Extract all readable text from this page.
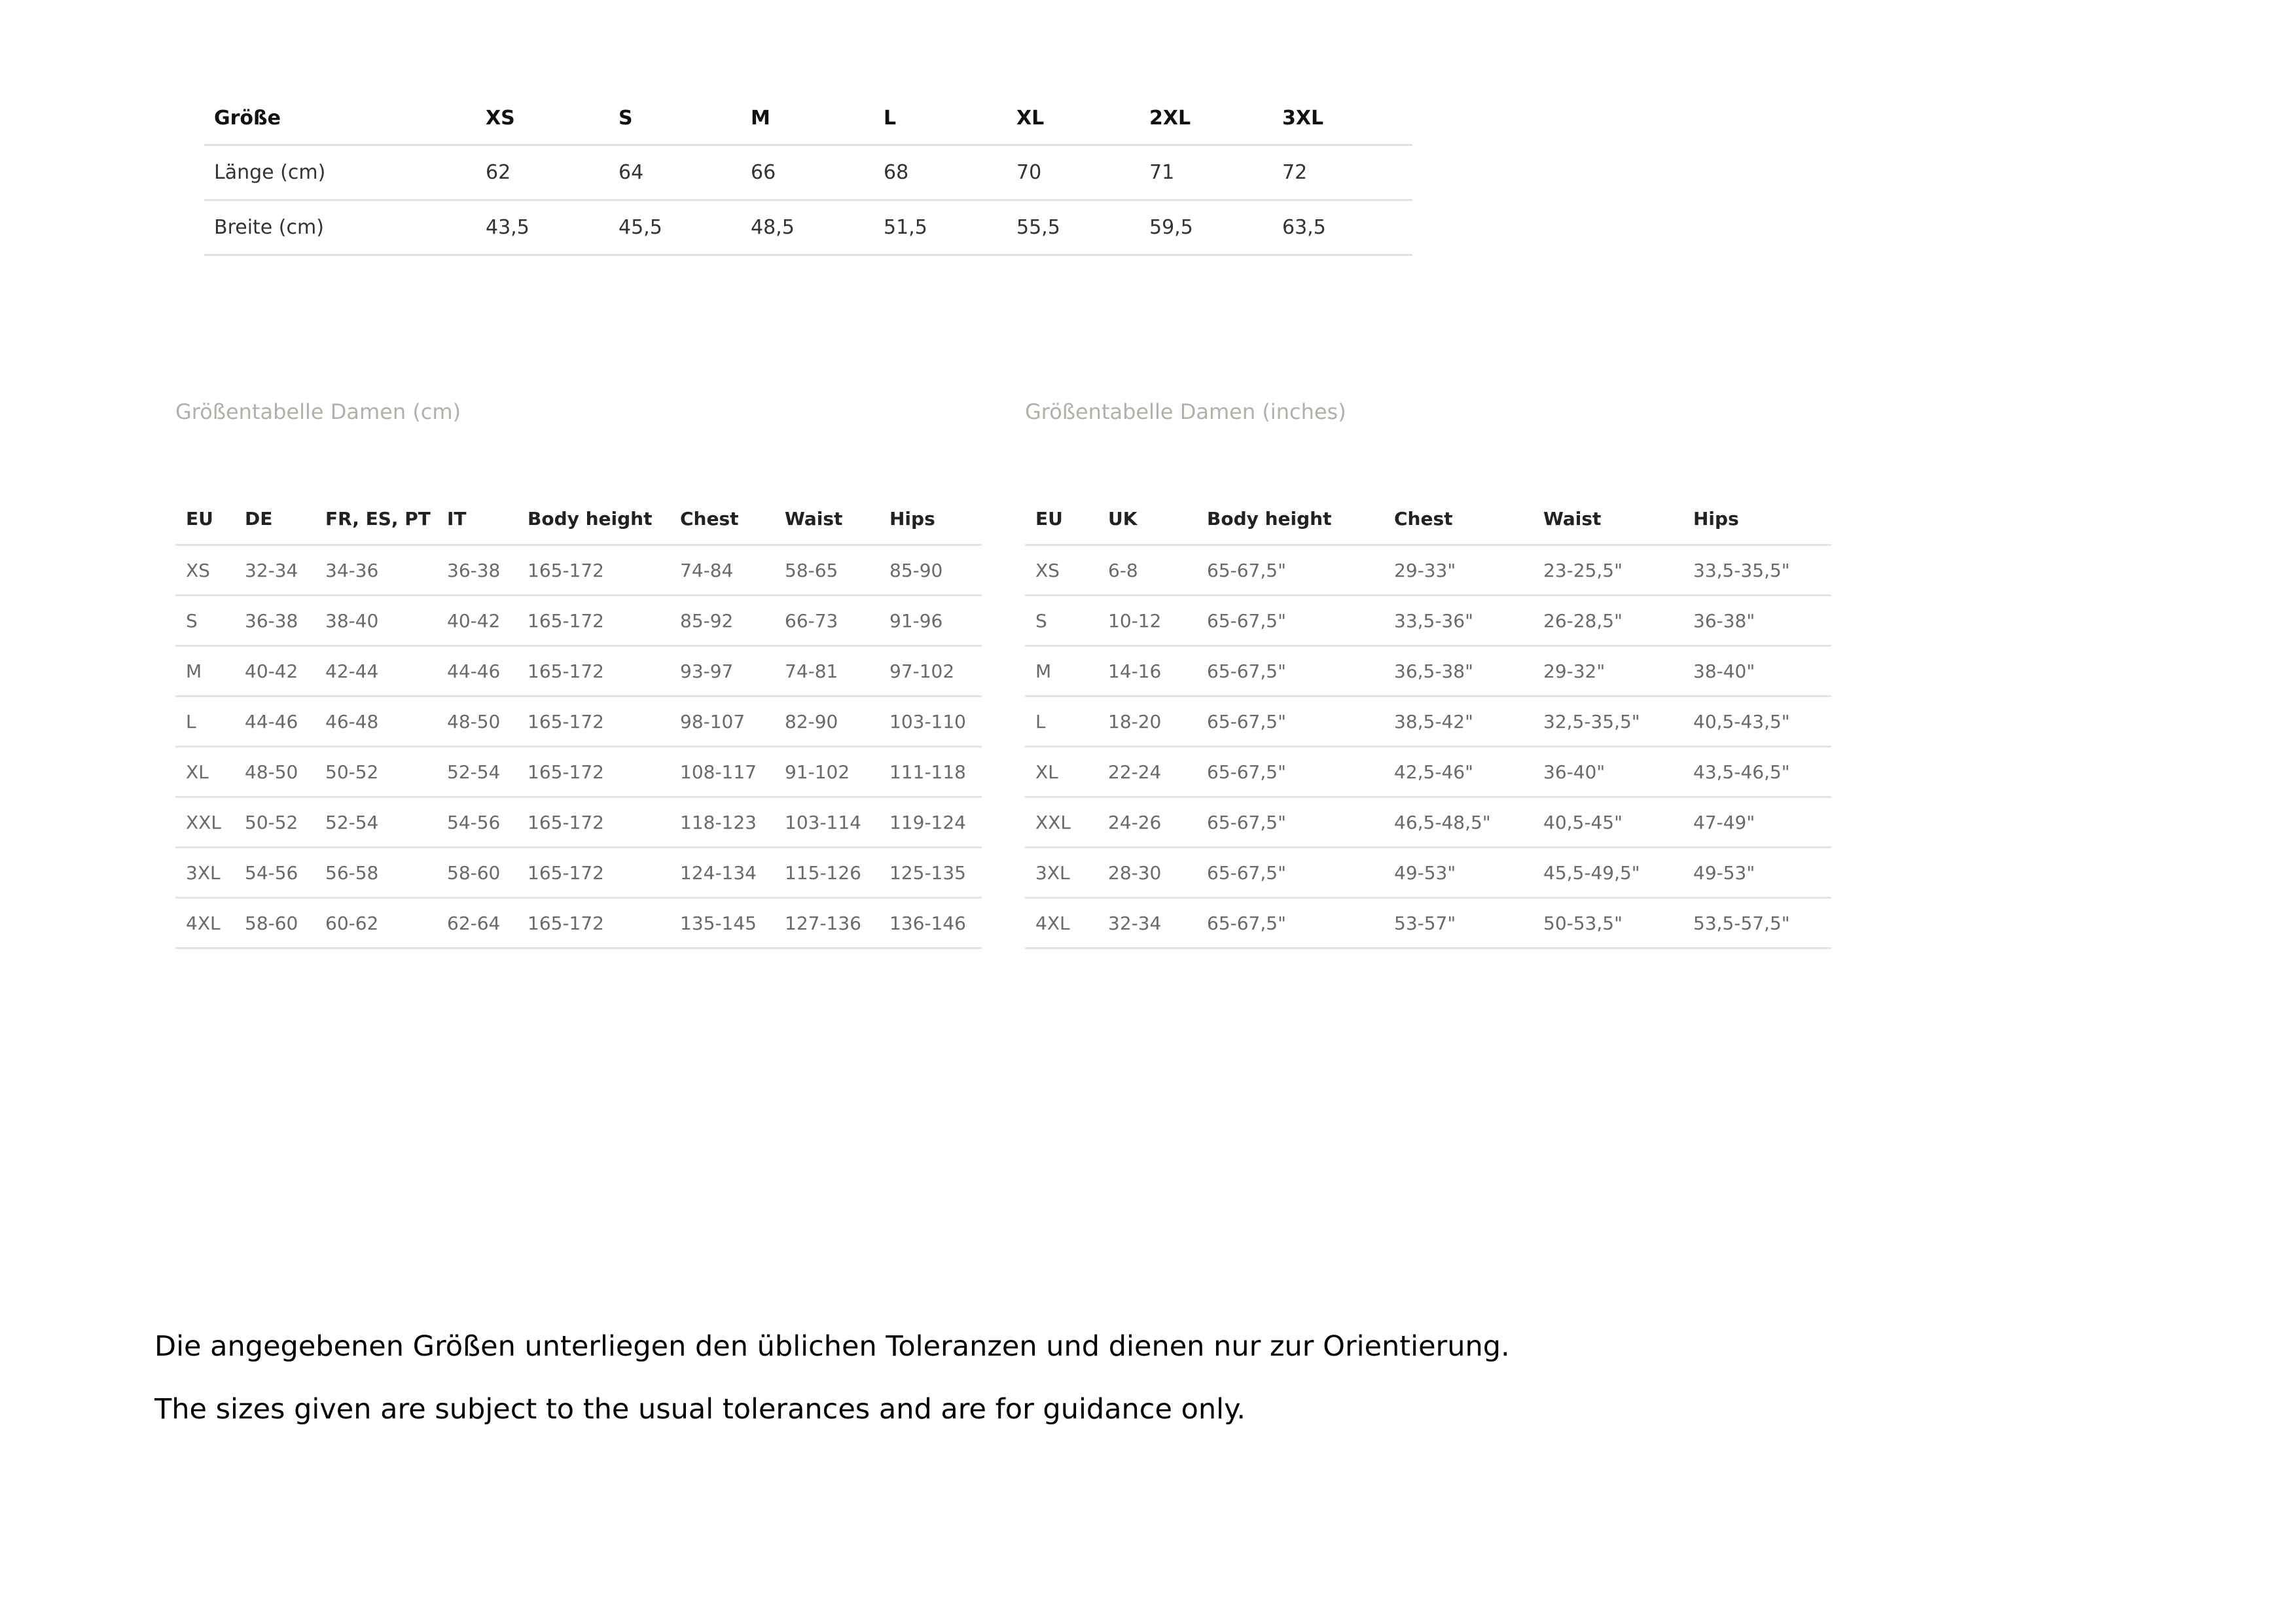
Größe	XS	S	M	L	XL	2XL	3XL
Länge (cm)	62	64	66	68	70	71	72
Breite (cm)	43,5	45,5	48,5	51,5	55,5	59,5	63,5
Größentabelle Damen (cm)	Größentabelle Damen (inches)
EU	DE	FR, ES, PT	IT	Body height	Chest	Waist	Hips
XS	32-34	34-36	36-38	165-172	74-84	58-65	85-90
S	36-38	38-40	40-42	165-172	85-92	66-73	91-96
M	40-42	42-44	44-46	165-172	93-97	74-81	97-102
L	44-46	46-48	48-50	165-172	98-107	82-90	103-110
XL	48-50	50-52	52-54	165-172	108-117	91-102	111-118
XXL	50-52	52-54	54-56	165-172	118-123	103-114	119-124
3XL	54-56	56-58	58-60	165-172	124-134	115-126	125-135
4XL	58-60	60-62	62-64	165-172	135-145	127-136	136-146
EU	UK	Body height	Chest	Waist	Hips
XS	6-8	65-67,5"	29-33"	23-25,5"	33,5-35,5"
S	10-12	65-67,5"	33,5-36"	26-28,5"	36-38"
M	14-16	65-67,5"	36,5-38"	29-32"	38-40"
L	18-20	65-67,5"	38,5-42"	32,5-35,5"	40,5-43,5"
XL	22-24	65-67,5"	42,5-46"	36-40"	43,5-46,5"
XXL	24-26	65-67,5"	46,5-48,5"	40,5-45"	47-49"
3XL	28-30	65-67,5"	49-53"	45,5-49,5"	49-53"
4XL	32-34	65-67,5"	53-57"	50-53,5"	53,5-57,5"
Die angegebenen Größen unterliegen den üblichen Toleranzen und dienen nur zur Orientierung.
The sizes given are subject to the usual tolerances and are for guidance only.
